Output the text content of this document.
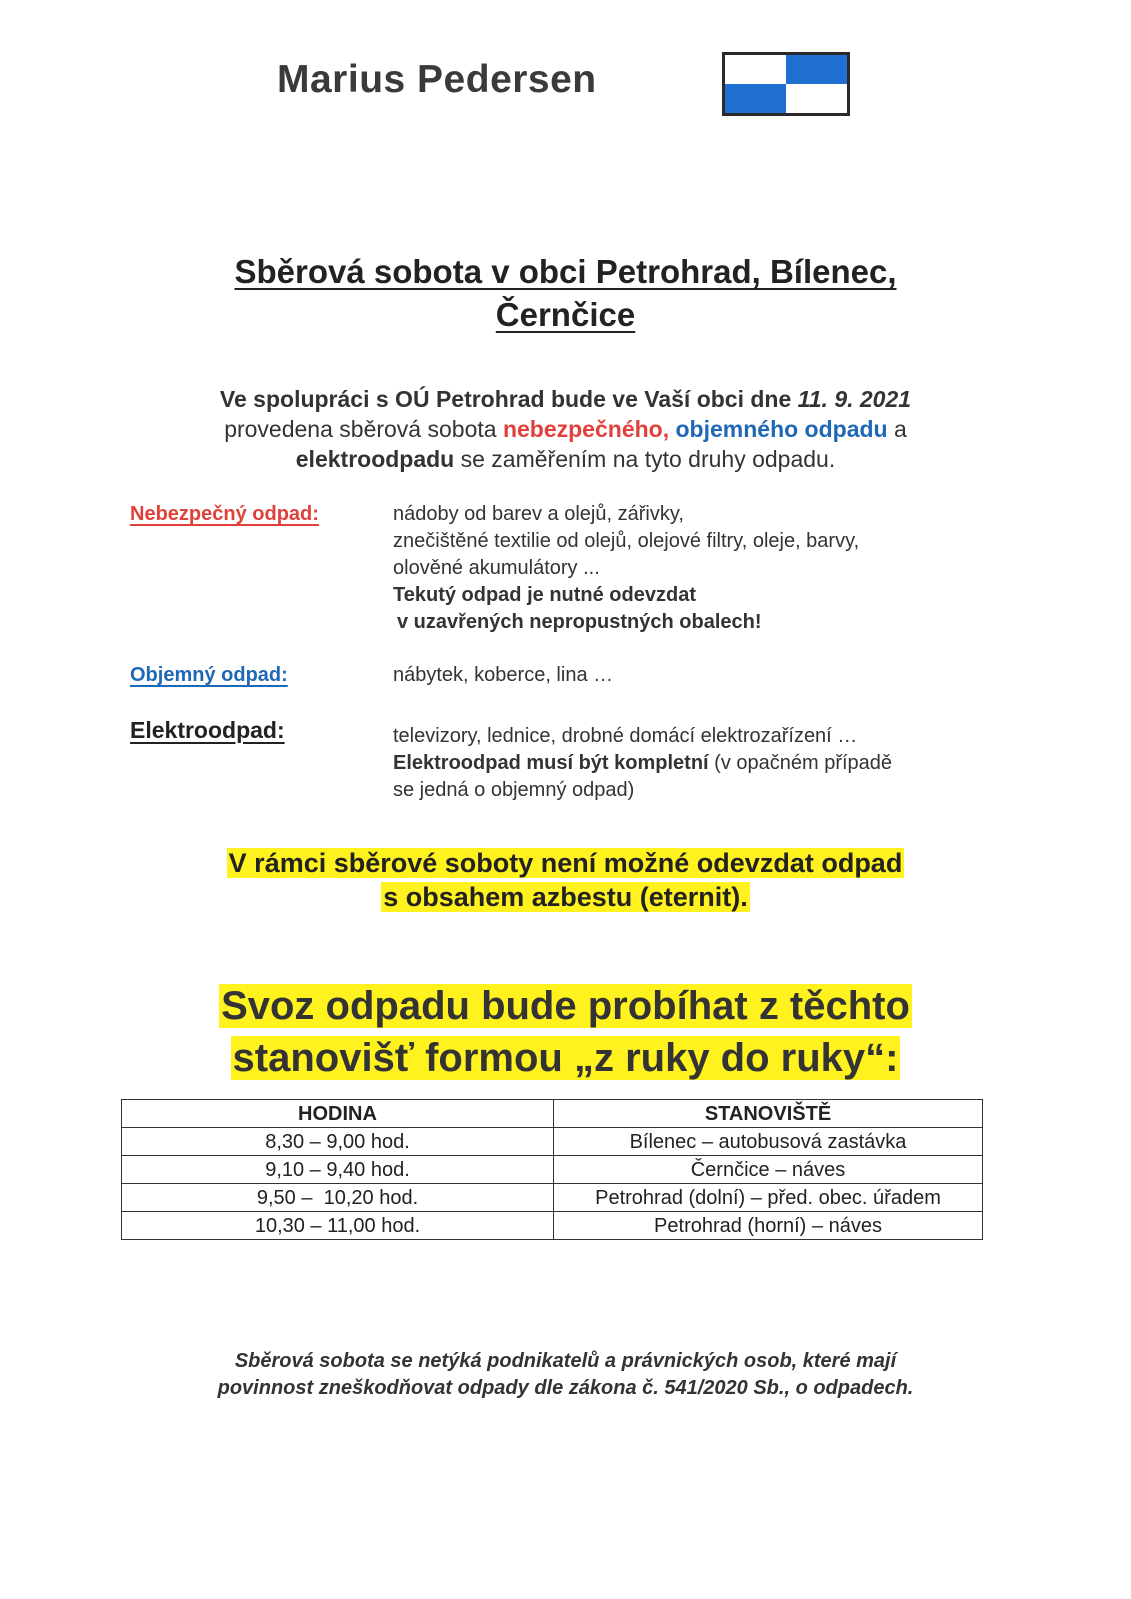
Marius Pedersen
Sběrová sobota v obci Petrohrad, Bílenec,
Černčice
Ve spolupráci s OÚ Petrohrad bude ve Vaší obci dne 11. 9. 2021
provedena sběrová sobota nebezpečného, objemného odpadu a
elektroodpadu se zaměřením na tyto druhy odpadu.
Nebezpečný odpad:	nádoby od barev a olejů, zářivky,
znečištěné textilie od olejů, olejové filtry, oleje, barvy,
olověné akumulátory ...
Tekutý odpad je nutné odevzdat
v uzavřených nepropustných obalech!
Objemný odpad:	nábytek, koberce, lina …
Elektroodpad:	televizory, lednice, drobné domácí elektrozařízení …
Elektroodpad musí být kompletní (v opačném případě
se jedná o objemný odpad)
V rámci sběrové soboty není možné odevzdat odpad
s obsahem azbestu (eternit).
Svoz odpadu bude probíhat z těchto
stanovišť formou „z ruky do ruky“:
HODINA	STANOVIŠTĚ
8,30 – 9,00 hod.	Bílenec – autobusová zastávka
9,10 – 9,40 hod.	Černčice – náves
9,50 –  10,20 hod.	Petrohrad (dolní) – před. obec. úřadem
10,30 – 11,00 hod.	Petrohrad (horní) – náves
Sběrová sobota se netýká podnikatelů a právnických osob, které mají
povinnost zneškodňovat odpady dle zákona č. 541/2020 Sb., o odpadech.
